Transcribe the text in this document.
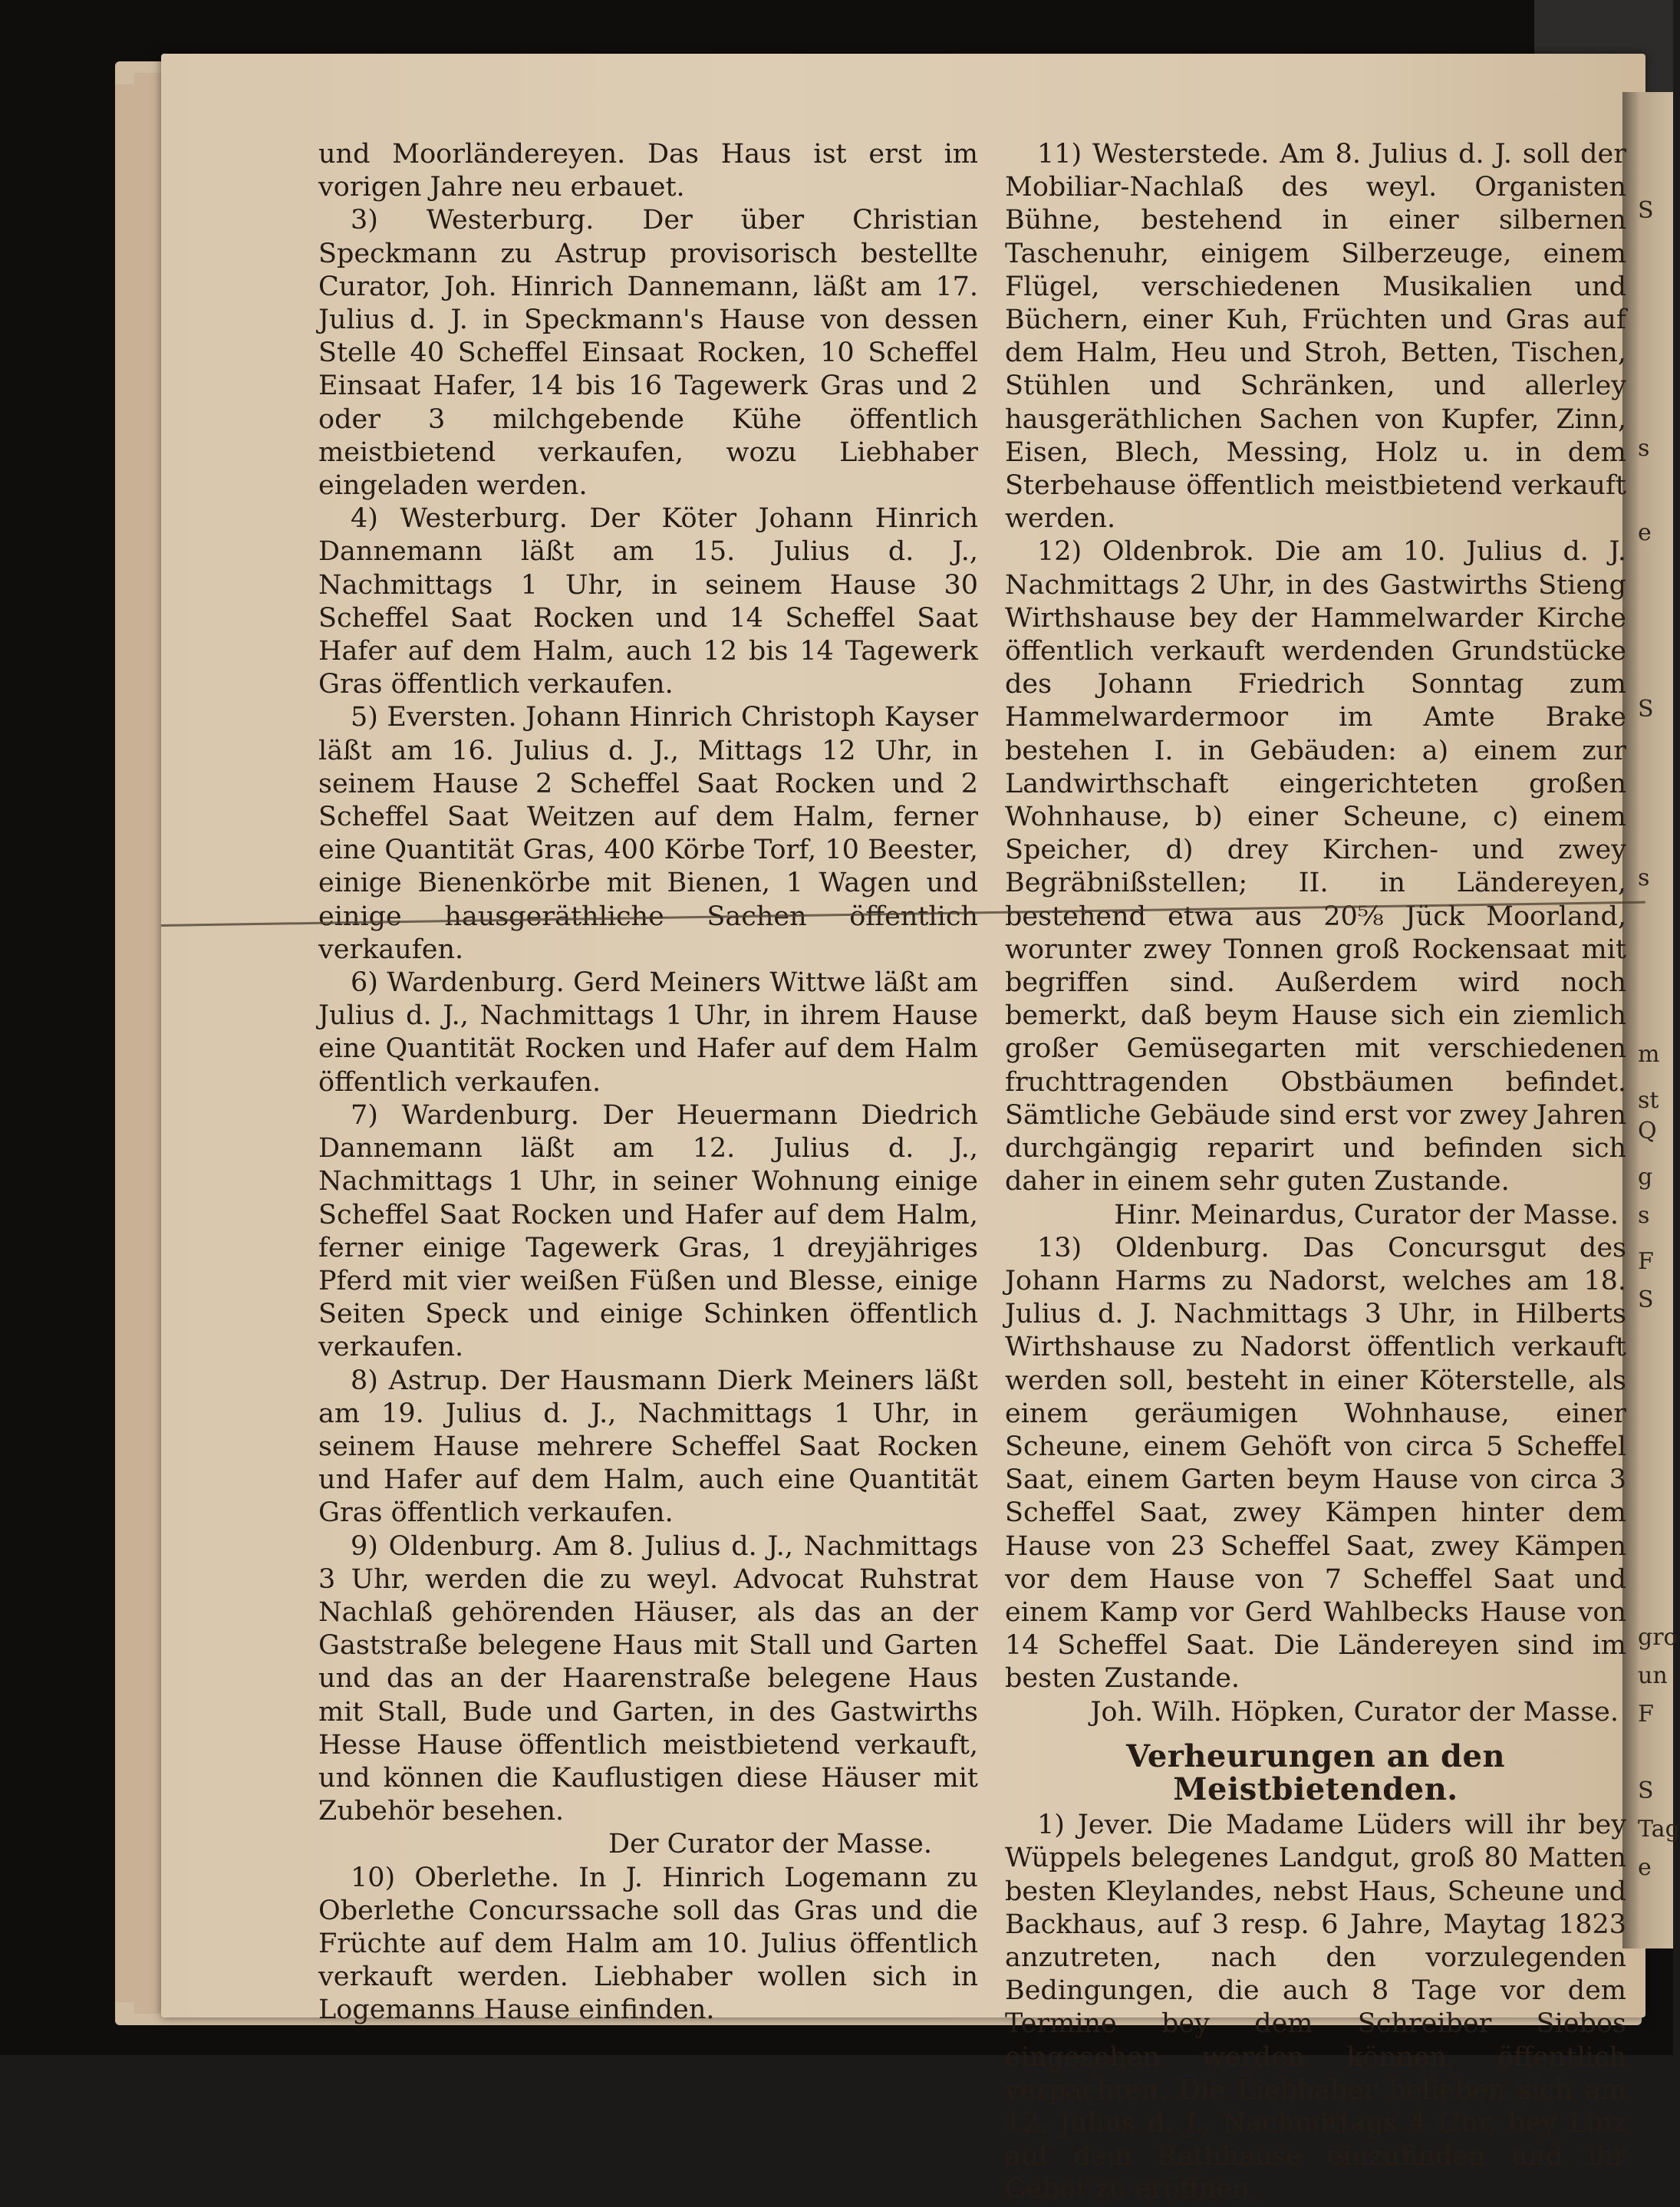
S
s
e
S
s
m
st
Q
g
s
F
S
gro
un
F
S
Tag
e

und Moorländereyen. Das Haus ist erst im vorigen Jahre neu erbauet.

3) Westerburg. Der über Christian Speckmann zu Astrup provisorisch bestellte Curator, Joh. Hinrich Dannemann, läßt am 17. Julius d. J. in Speckmann's Hause von dessen Stelle 40 Scheffel Einsaat Rocken, 10 Scheffel Einsaat Hafer, 14 bis 16 Tagewerk Gras und 2 oder 3 milchgebende Kühe öffentlich meistbietend verkaufen, wozu Liebhaber eingeladen werden.

4) Westerburg. Der Köter Johann Hinrich Dannemann läßt am 15. Julius d. J., Nachmittags 1 Uhr, in seinem Hause 30 Scheffel Saat Rocken und 14 Scheffel Saat Hafer auf dem Halm, auch 12 bis 14 Tagewerk Gras öffentlich verkaufen.

5) Eversten. Johann Hinrich Christoph Kayser läßt am 16. Julius d. J., Mittags 12 Uhr, in seinem Hause 2 Scheffel Saat Rocken und 2 Scheffel Saat Weitzen auf dem Halm, ferner eine Quantität Gras, 400 Körbe Torf, 10 Beester, einige Bienenkörbe mit Bienen, 1 Wagen und einige hausgeräthliche Sachen öffentlich verkaufen.

6) Wardenburg. Gerd Meiners Wittwe läßt am Julius d. J., Nachmittags 1 Uhr, in ihrem Hause eine Quantität Rocken und Hafer auf dem Halm öffentlich verkaufen.

7) Wardenburg. Der Heuermann Diedrich Dannemann läßt am 12. Julius d. J., Nachmittags 1 Uhr, in seiner Wohnung einige Scheffel Saat Rocken und Hafer auf dem Halm, ferner einige Tagewerk Gras, 1 dreyjähriges Pferd mit vier weißen Füßen und Blesse, einige Seiten Speck und einige Schinken öffentlich verkaufen.

8) Astrup. Der Hausmann Dierk Meiners läßt am 19. Julius d. J., Nachmittags 1 Uhr, in seinem Hause mehrere Scheffel Saat Rocken und Hafer auf dem Halm, auch eine Quantität Gras öffentlich verkaufen.

9) Oldenburg. Am 8. Julius d. J., Nachmittags 3 Uhr, werden die zu weyl. Advocat Ruhstrat Nachlaß gehörenden Häuser, als das an der Gaststraße belegene Haus mit Stall und Garten und das an der Haarenstraße belegene Haus mit Stall, Bude und Garten, in des Gastwirths Hesse Hause öffentlich meistbietend verkauft, und können die Kauflustigen diese Häuser mit Zubehör besehen.

Der Curator der Masse.

10) Oberlethe. In J. Hinrich Logemann zu Oberlethe Concurssache soll das Gras und die Früchte auf dem Halm am 10. Julius öffentlich verkauft werden. Liebhaber wollen sich in Logemanns Hause einfinden.

11) Westerstede. Am 8. Julius d. J. soll der Mobiliar-Nachlaß des weyl. Organisten Bühne, bestehend in einer silbernen Taschenuhr, einigem Silberzeuge, einem Flügel, verschiedenen Musikalien und Büchern, einer Kuh, Früchten und Gras auf dem Halm, Heu und Stroh, Betten, Tischen, Stühlen und Schränken, und allerley hausgeräthlichen Sachen von Kupfer, Zinn, Eisen, Blech, Messing, Holz u. in dem Sterbehause öffentlich meistbietend verkauft werden.

12) Oldenbrok. Die am 10. Julius d. J. Nachmittags 2 Uhr, in des Gastwirths Stieng Wirthshause bey der Hammelwarder Kirche öffentlich verkauft werdenden Grundstücke des Johann Friedrich Sonntag zum Hammelwardermoor im Amte Brake bestehen I. in Gebäuden: a) einem zur Landwirthschaft eingerichteten großen Wohnhause, b) einer Scheune, c) einem Speicher, d) drey Kirchen- und zwey Begräbnißstellen; II. in Ländereyen, bestehend etwa aus 20⅝ Jück Moorland, worunter zwey Tonnen groß Rockensaat mit begriffen sind. Außerdem wird noch bemerkt, daß beym Hause sich ein ziemlich großer Gemüsegarten mit verschiedenen fruchttragenden Obstbäumen befindet. Sämtliche Gebäude sind erst vor zwey Jahren durchgängig reparirt und befinden sich daher in einem sehr guten Zustande.

Hinr. Meinardus, Curator der Masse.

13) Oldenburg. Das Concursgut des Johann Harms zu Nadorst, welches am 18. Julius d. J. Nachmittags 3 Uhr, in Hilberts Wirthshause zu Nadorst öffentlich verkauft werden soll, besteht in einer Köterstelle, als einem geräumigen Wohnhause, einer Scheune, einem Gehöft von circa 5 Scheffel Saat, einem Garten beym Hause von circa 3 Scheffel Saat, zwey Kämpen hinter dem Hause von 23 Scheffel Saat, zwey Kämpen vor dem Hause von 7 Scheffel Saat und einem Kamp vor Gerd Wahlbecks Hause von 14 Scheffel Saat. Die Ländereyen sind im besten Zustande.

Joh. Wilh. Höpken, Curator der Masse.

Verheurungen an den Meistbietenden.

1) Jever. Die Madame Lüders will ihr bey Wüppels belegenes Landgut, groß 80 Matten besten Kleylandes, nebst Haus, Scheune und Backhaus, auf 3 resp. 6 Jahre, Maytag 1823 anzutreten, nach den vorzulegenden Bedingungen, die auch 8 Tage vor dem Termine bey dem Schreiber Siebos eingesehen werden können, öffentlich verpachten. Die Liebhaber belieben sich am 12. Julius d. J., Nachmittags 4 Uhr, bey Linz auf dem Rathhause einzufinden und ihr Gebot zu eröffnen.
